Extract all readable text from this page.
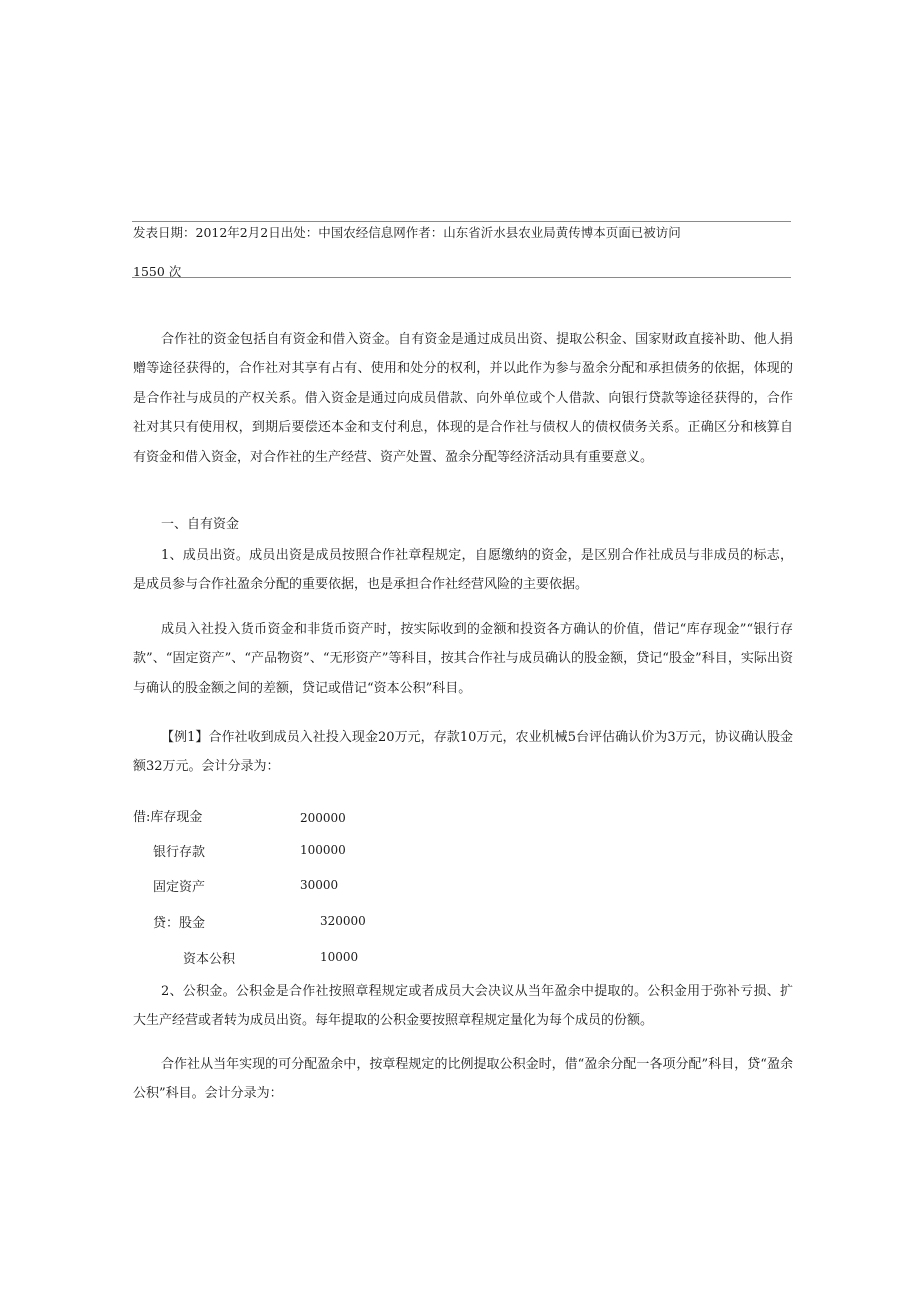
发表日期：2012年2月2日出处：中国农经信息网作者：山东省沂水县农业局黄传博本页面已被访问
1550 次
合作社的资金包括自有资金和借入资金。自有资金是通过成员出资、提取公积金、国家财政直接补助、他人捐赠等途径获得的，合作社对其享有占有、使用和处分的权利，并以此作为参与盈余分配和承担债务的依据，体现的是合作社与成员的产权关系。借入资金是通过向成员借款、向外单位或个人借款、向银行贷款等途径获得的，合作社对其只有使用权，到期后要偿还本金和支付利息，体现的是合作社与债权人的债权债务关系。正确区分和核算自有资金和借入资金，对合作社的生产经营、资产处置、盈余分配等经济活动具有重要意义。
一、自有资金
1、成员出资。成员出资是成员按照合作社章程规定，自愿缴纳的资金，是区别合作社成员与非成员的标志，是成员参与合作社盈余分配的重要依据，也是承担合作社经营风险的主要依据。
成员入社投入货币资金和非货币资产时，按实际收到的金额和投资各方确认的价值，借记“库存现金”“银行存款”、“固定资产”、“产品物资”、“无形资产”等科目，按其合作社与成员确认的股金额，贷记“股金”科目，实际出资与确认的股金额之间的差额，贷记或借记“资本公积”科目。
【例1】合作社收到成员入社投入现金20万元，存款10万元，农业机械5台评估确认价为3万元，协议确认股金额32万元。会计分录为：
借:库存现金	200000
银行存款	100000
固定资产	30000
贷：股金	320000
资本公积	10000
2、公积金。公积金是合作社按照章程规定或者成员大会决议从当年盈余中提取的。公积金用于弥补亏损、扩大生产经营或者转为成员出资。每年提取的公积金要按照章程规定量化为每个成员的份额。
合作社从当年实现的可分配盈余中，按章程规定的比例提取公积金时，借“盈余分配一各项分配”科目，贷“盈余公积”科目。会计分录为：
